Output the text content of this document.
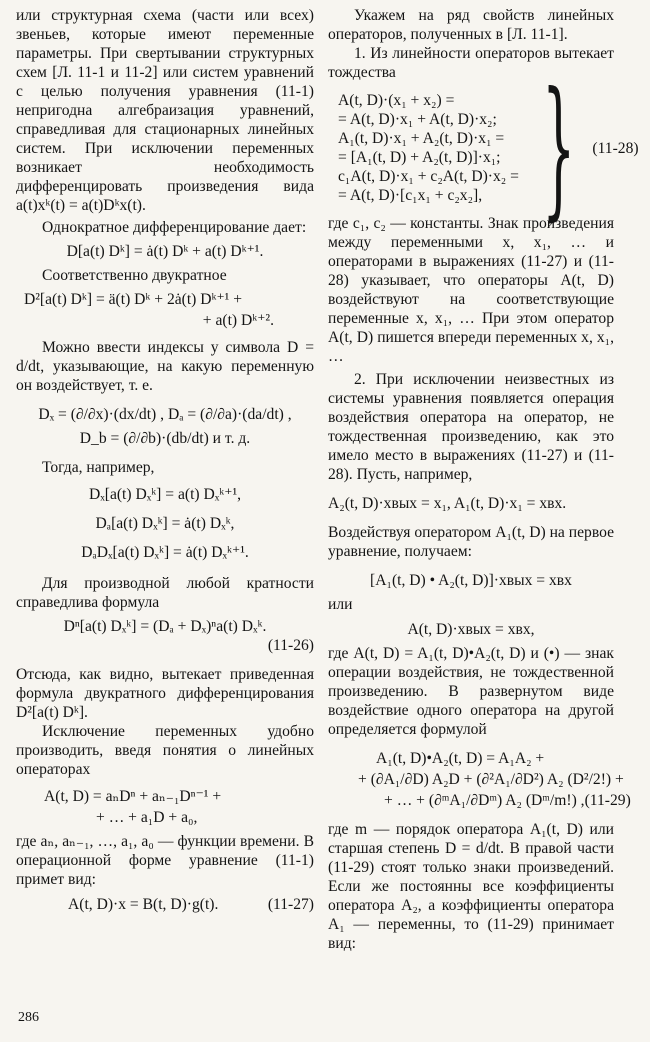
или структурная схема (части или всех) звеньев, которые имеют переменные параметры. При свертывании структурных схем [Л. 11-1 и 11-2] или систем уравнений с целью получения уравнения (11-1) непригодна алгебраизация уравнений, справедливая для стационарных линейных систем. При исключении переменных возникает необходимость дифференцировать произведения вида a(t)xᵏ(t) = a(t)Dᵏx(t).

Однократное дифференцирование дает:

D[a(t) Dᵏ] = ȧ(t) Dᵏ + a(t) Dᵏ⁺¹.

Соответственно двукратное

D²[a(t) Dᵏ] = ä(t) Dᵏ + 2ȧ(t) Dᵏ⁺¹ +
+ a(t) Dᵏ⁺².

Можно ввести индексы у символа D = d/dt, указывающие, на какую переменную он воздействует, т. е.

Dₓ = (∂/∂x)·(dx/dt) , Dₐ = (∂/∂a)·(da/dt) ,
D_b = (∂/∂b)·(db/dt) и т. д.

Тогда, например,

Dₓ[a(t) Dₓᵏ] = a(t) Dₓᵏ⁺¹,
Dₐ[a(t) Dₓᵏ] = ȧ(t) Dₓᵏ,
DₐDₓ[a(t) Dₓᵏ] = ȧ(t) Dₓᵏ⁺¹.

Для производной любой кратности справедлива формула

Dⁿ[a(t) Dₓᵏ] = (Dₐ + Dₓ)ⁿa(t) Dₓᵏ.
(11-26)

Отсюда, как видно, вытекает приведенная формула двукратного дифференцирования D²[a(t) Dᵏ].

Исключение переменных удобно производить, введя понятия о линейных операторах

A(t, D) = aₙDⁿ + aₙ₋₁Dⁿ⁻¹ +
+ … + a₁D + a₀,

где aₙ, aₙ₋₁, …, a₁, a₀ — функции времени. В операционной форме уравнение (11-1) примет вид:

A(t, D)·x = B(t, D)·g(t).	(11-27)

Укажем на ряд свойств линейных операторов, полученных в [Л. 11-1].

1. Из линейности операторов вытекает тождества

A(t, D)·(x₁ + x₂) =
= A(t, D)·x₁ + A(t, D)·x₂;
A₁(t, D)·x₁ + A₂(t, D)·x₁ =
= [A₁(t, D) + A₂(t, D)]·x₁;
c₁A(t, D)·x₁ + c₂A(t, D)·x₂ =
= A(t, D)·[c₁x₁ + c₂x₂], } (11-28)

где c₁, c₂ — константы. Знак произведения между переменными x, x₁, … и операторами в выражениях (11-27) и (11-28) указывает, что операторы A(t, D) воздействуют на соответствующие переменные x, x₁, … При этом оператор A(t, D) пишется впереди переменных x, x₁, …

2. При исключении неизвестных из системы уравнения появляется операция воздействия оператора на оператор, не тождественная произведению, как это имело место в выражениях (11-27) и (11-28). Пусть, например,

A₂(t, D)·xвых = x₁, A₁(t, D)·x₁ = xвх.

Воздействуя оператором A₁(t, D) на первое уравнение, получаем:

[A₁(t, D) • A₂(t, D)]·xвых = xвх

или

A(t, D)·xвых = xвх,

где A(t, D) = A₁(t, D)•A₂(t, D) и (•) — знак операции воздействия, не тождественной произведению. В развернутом виде воздействие одного оператора на другой определяется формулой

A₁(t, D)•A₂(t, D) = A₁A₂ +
+ (∂A₁/∂D) A₂D + (∂²A₁/∂D²) A₂ (D²/2!) +
+ … + (∂ᵐA₁/∂Dᵐ) A₂ (Dᵐ/m!) , (11-29)

где m — порядок оператора A₁(t, D) или старшая степень D = d/dt. В правой части (11-29) стоят только знаки произведений. Если же постоянны все коэффициенты оператора A₂, а коэффициенты оператора A₁ — переменны, то (11-29) принимает вид:

286
